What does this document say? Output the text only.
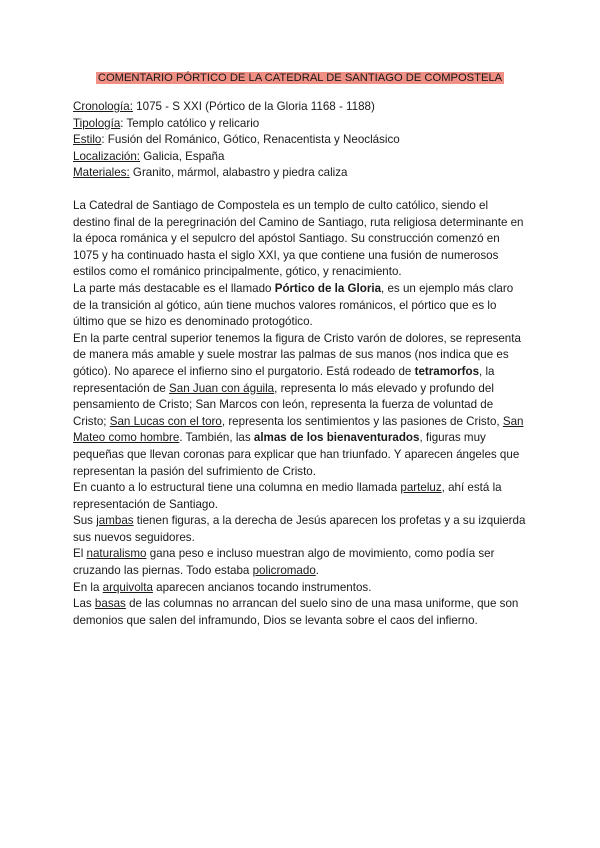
COMENTARIO PÓRTICO DE LA CATEDRAL DE SANTIAGO DE COMPOSTELA
Cronología: 1075 - S XXI (Pórtico de la Gloria 1168 - 1188)
Tipología: Templo católico y relicario
Estilo: Fusión del Románico, Gótico, Renacentista y Neoclásico
Localización: Galicia, España
Materiales: Granito, mármol, alabastro y piedra caliza

La Catedral de Santiago de Compostela es un templo de culto católico, siendo el destino final de la peregrinación del Camino de Santiago, ruta religiosa determinante en la época románica y el sepulcro del apóstol Santiago. Su construcción comenzó en 1075 y ha continuado hasta el siglo XXI, ya que contiene una fusión de numerosos estilos como el románico principalmente, gótico, y renacimiento.

La parte más destacable es el llamado Pórtico de la Gloria, es un ejemplo más claro de la transición al gótico, aún tiene muchos valores románicos, el pórtico que es lo último que se hizo es denominado protogótico.

En la parte central superior tenemos la figura de Cristo varón de dolores, se representa de manera más amable y suele mostrar las palmas de sus manos (nos indica que es gótico). No aparece el infierno sino el purgatorio. Está rodeado de tetramorfos, la representación de San Juan con águila, representa lo más elevado y profundo del pensamiento de Cristo; San Marcos con león, representa la fuerza de voluntad de Cristo; San Lucas con el toro, representa los sentimientos y las pasiones de Cristo, San Mateo como hombre. También, las almas de los bienaventurados, figuras muy pequeñas que llevan coronas para explicar que han triunfado. Y aparecen ángeles que representan la pasión del sufrimiento de Cristo.

En cuanto a lo estructural tiene una columna en medio llamada parteluz, ahí está la representación de Santiago.

Sus jambas tienen figuras, a la derecha de Jesús aparecen los profetas y a su izquierda sus nuevos seguidores.

El naturalismo gana peso e incluso muestran algo de movimiento, como podía ser cruzando las piernas. Todo estaba policromado.

En la arquivolta aparecen ancianos tocando instrumentos.

Las basas de las columnas no arrancan del suelo sino de una masa uniforme, que son demonios que salen del inframundo, Dios se levanta sobre el caos del infierno.
